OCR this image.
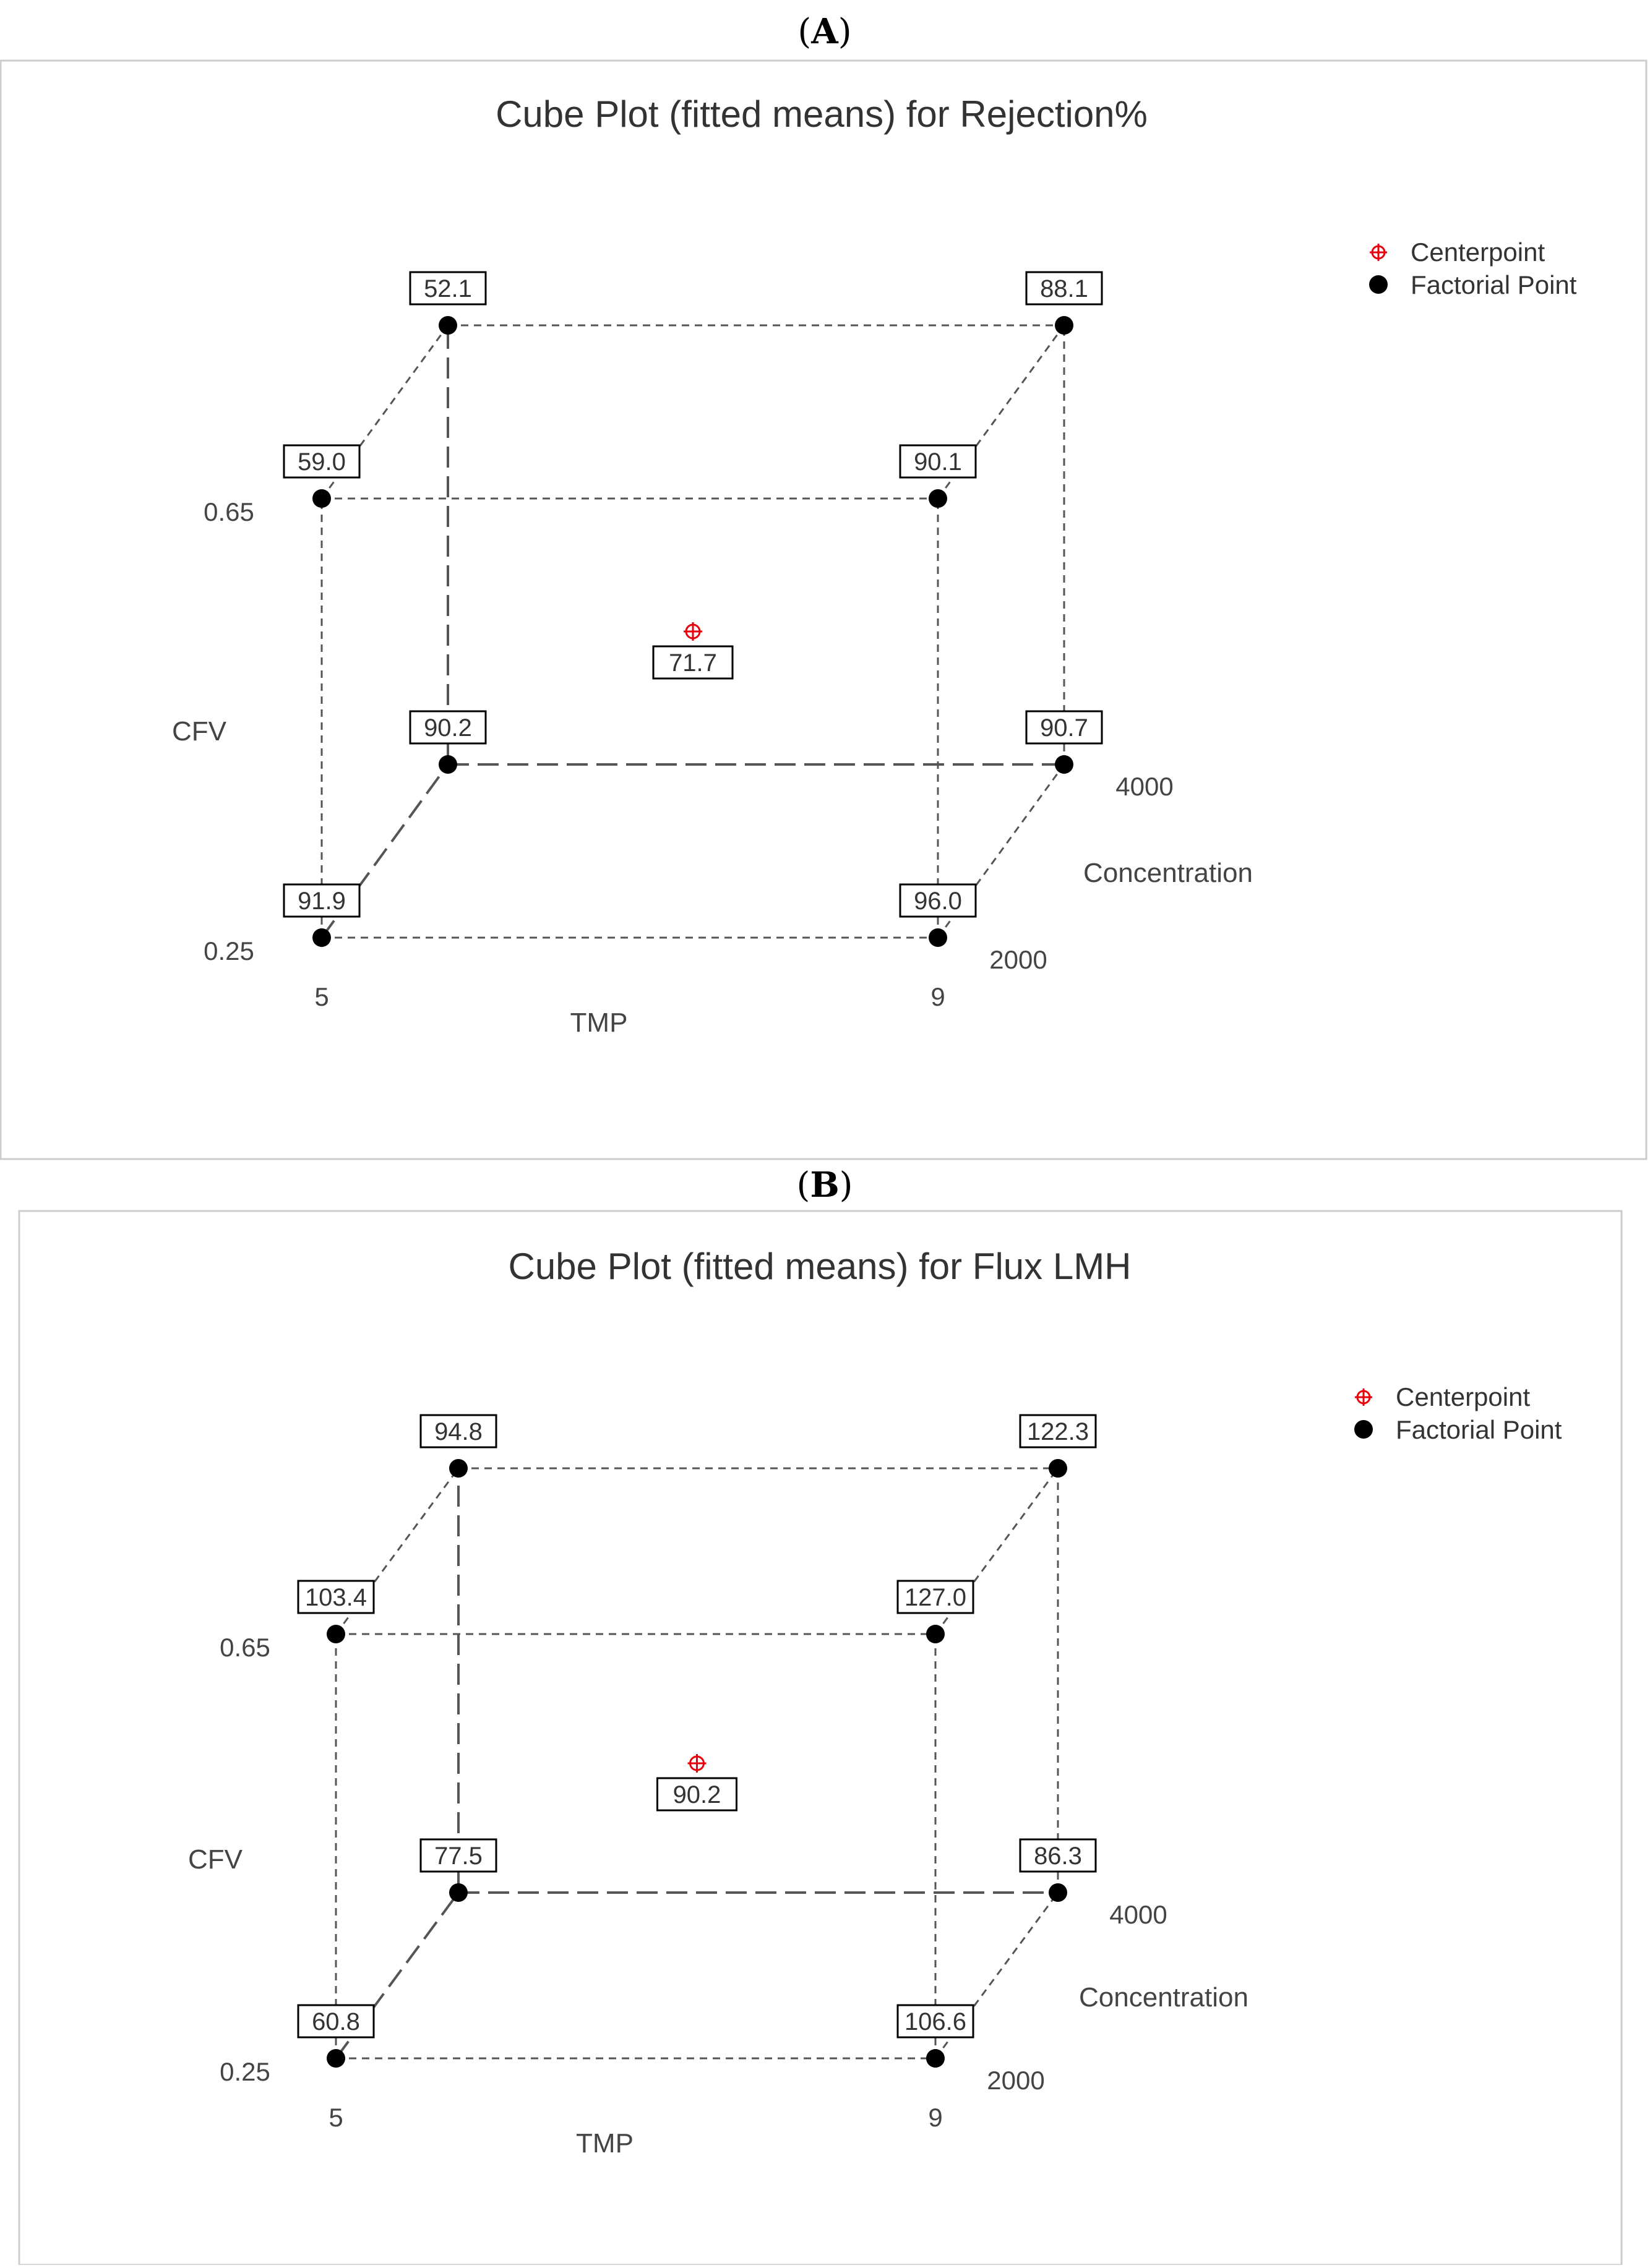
(A)
Cube Plot (fitted means) for Rejection%
5	9
TMP
0.25
0.65
CFV
2000
4000
Concentration
91.9	96.0
59.0	90.1
90.2	90.7
52.1	88.1
71.7
Centerpoint
Factorial Point
(B)
Cube Plot (fitted means) for Flux LMH
5	9
TMP
0.25
0.65
CFV
2000
4000
Concentration
60.8	106.6
103.4	127.0
77.5	86.3
94.8	122.3
90.2
Centerpoint
Factorial Point
